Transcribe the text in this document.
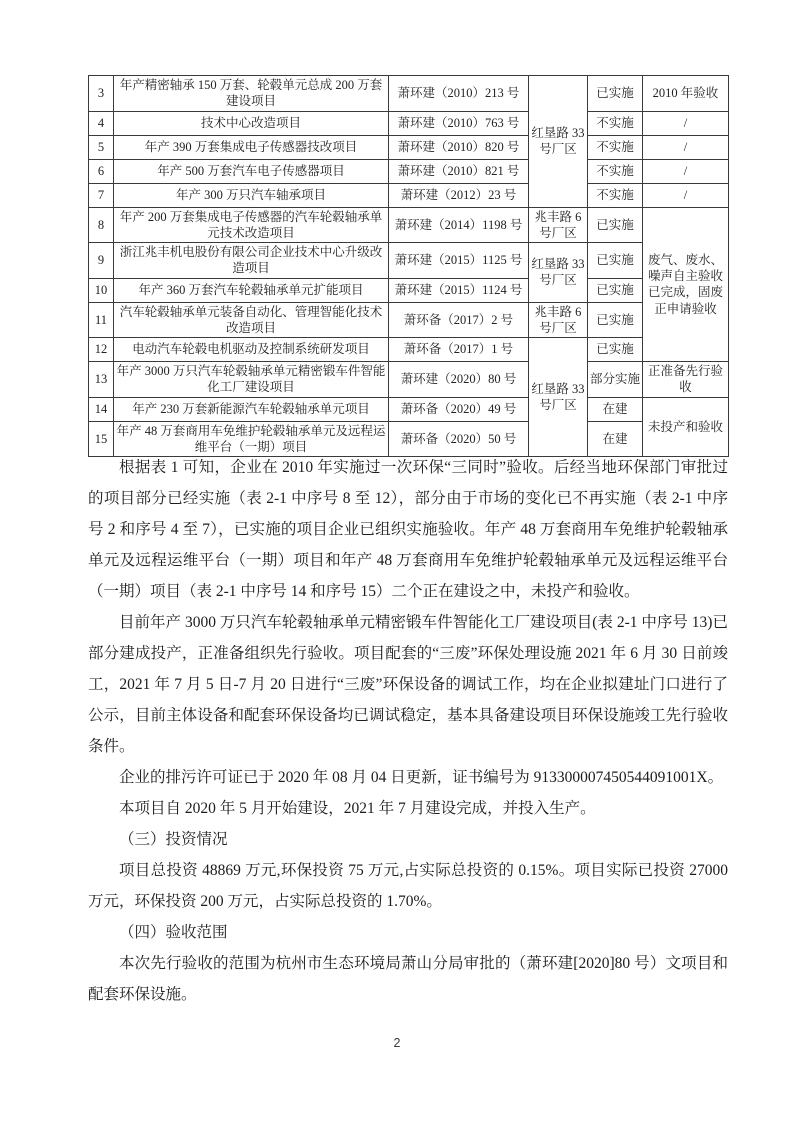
3	年产精密轴承 150 万套、轮毂单元总成 200 万套建设项目	萧环建（2010）213 号	红垦路 33 号厂区	已实施	2010 年验收
4	技术中心改造项目	萧环建（2010）763 号		不实施	/
5	年产 390 万套集成电子传感器技改项目	萧环建（2010）820 号		不实施	/
6	年产 500 万套汽车电子传感器项目	萧环建（2010）821 号		不实施	/
7	年产 300 万只汽车轴承项目	萧环建（2012）23 号		不实施	/
8	年产 200 万套集成电子传感器的汽车轮毂轴承单元技术改造项目	萧环建（2014）1198 号	兆丰路 6 号厂区	已实施	废气、废水、噪声自主验收已完成，固废正申请验收
9	浙江兆丰机电股份有限公司企业技术中心升级改造项目	萧环建（2015）1125 号	红垦路 33 号厂区	已实施	
10	年产 360 万套汽车轮毂轴承单元扩能项目	萧环建（2015）1124 号		已实施	
11	汽车轮毂轴承单元装备自动化、管理智能化技术改造项目	萧环备（2017）2 号	兆丰路 6 号厂区	已实施	
12	电动汽车轮毂电机驱动及控制系统研发项目	萧环备（2017）1 号	红垦路 33 号厂区	已实施	
13	年产 3000 万只汽车轮毂轴承单元精密锻车件智能化工厂建设项目	萧环建（2020）80 号		部分实施	正准备先行验收
14	年产 230 万套新能源汽车轮毂轴承单元项目	萧环备（2020）49 号		在建	未投产和验收
15	年产 48 万套商用车免维护轮毂轴承单元及远程运维平台（一期）项目	萧环备（2020）50 号		在建	

根据表 1 可知，企业在 2010 年实施过一次环保“三同时”验收。后经当地环保部门审批过的项目部分已经实施（表 2-1 中序号 8 至 12），部分由于市场的变化已不再实施（表 2-1 中序号 2 和序号 4 至 7），已实施的项目企业已组织实施验收。年产 48 万套商用车免维护轮毂轴承单元及远程运维平台（一期）项目和年产 48 万套商用车免维护轮毂轴承单元及远程运维平台（一期）项目（表 2-1 中序号 14 和序号 15）二个正在建设之中，未投产和验收。

目前年产 3000 万只汽车轮毂轴承单元精密锻车件智能化工厂建设项目(表 2-1 中序号 13)已部分建成投产，正准备组织先行验收。项目配套的“三废”环保处理设施 2021 年 6 月 30 日前竣工，2021 年 7 月 5 日-7 月 20 日进行“三废”环保设备的调试工作，均在企业拟建址门口进行了公示，目前主体设备和配套环保设备均已调试稳定，基本具备建设项目环保设施竣工先行验收条件。

企业的排污许可证已于 2020 年 08 月 04 日更新，证书编号为 913300007450544091001X。

本项目自 2020 年 5 月开始建设，2021 年 7 月建设完成，并投入生产。

（三）投资情况

项目总投资 48869 万元,环保投资 75 万元,占实际总投资的 0.15%。项目实际已投资 27000 万元，环保投资 200 万元，占实际总投资的 1.70%。

（四）验收范围

本次先行验收的范围为杭州市生态环境局萧山分局审批的（萧环建[2020]80 号）文项目和配套环保设施。

2
